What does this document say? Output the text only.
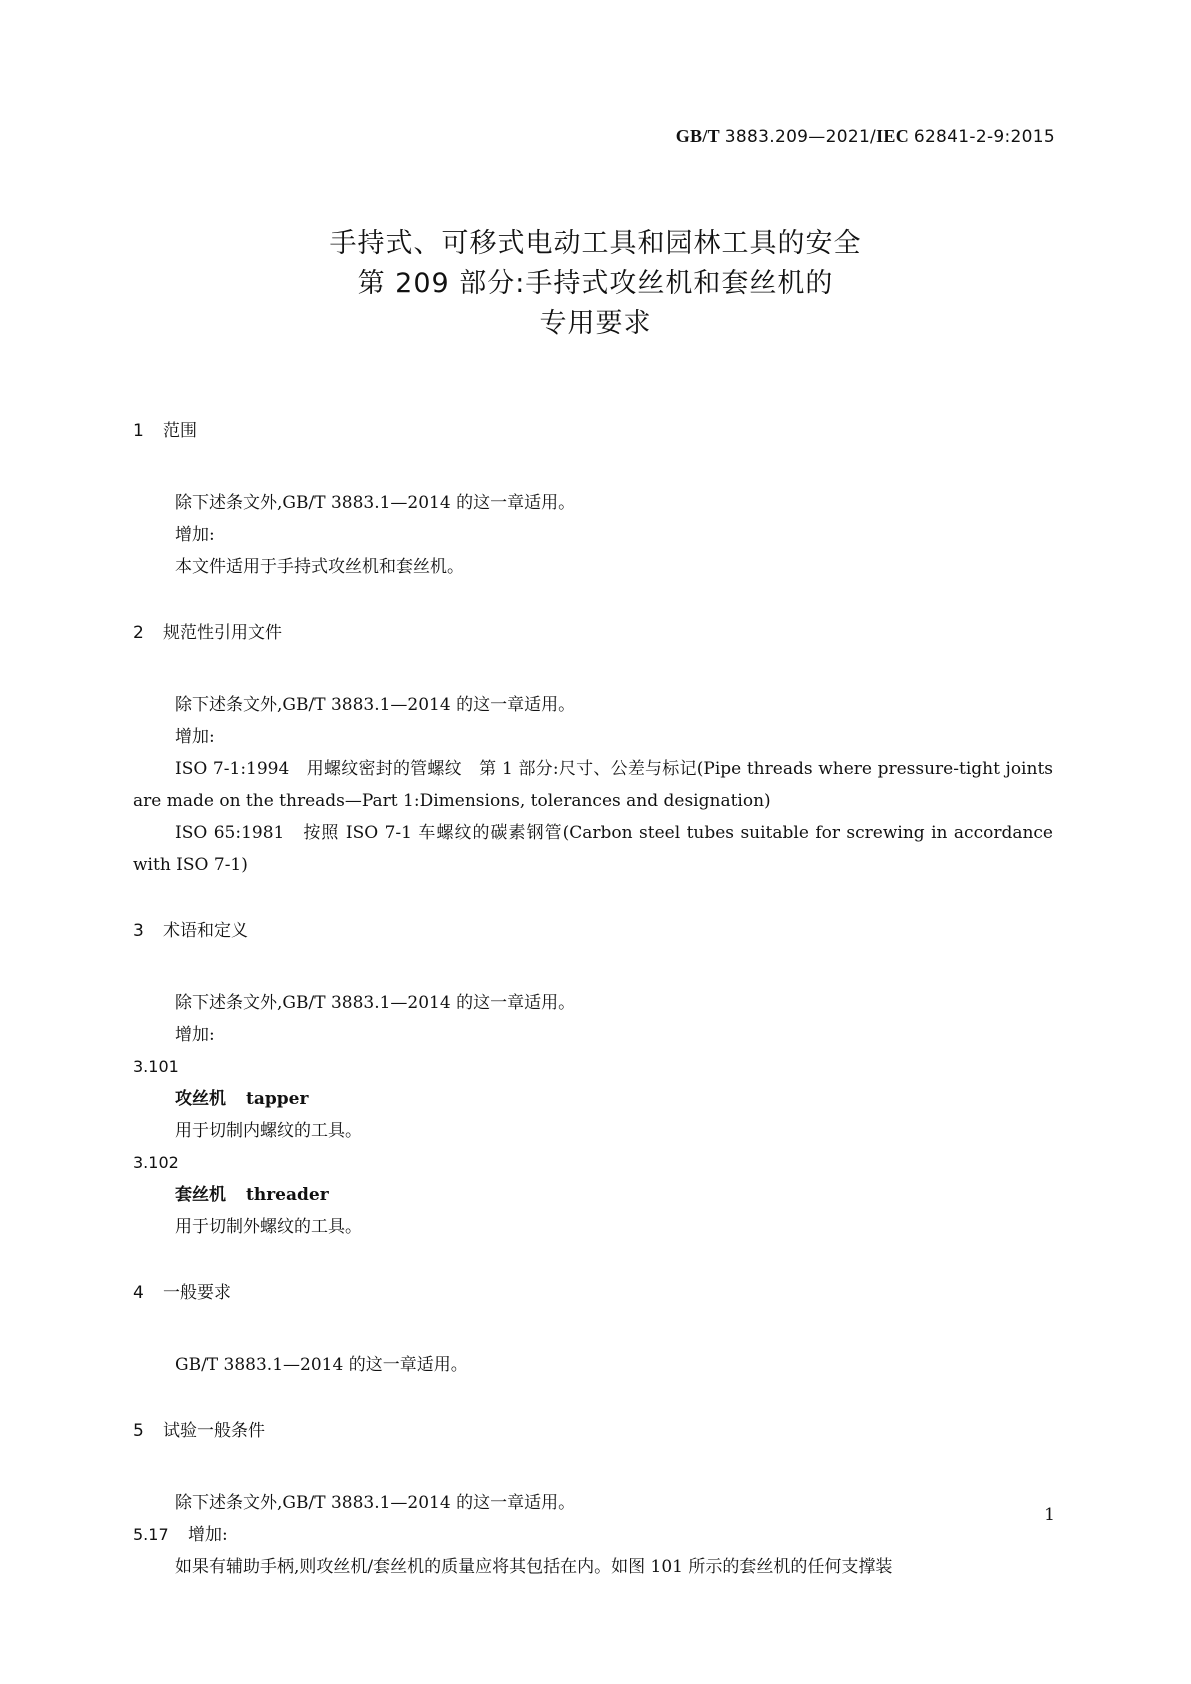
GB/T 3883.209—2021/IEC 62841-2-9:2015
手持式、可移式电动工具和园林工具的安全
第 209 部分:手持式攻丝机和套丝机的
专用要求
1 范围
除下述条文外,GB/T 3883.1—2014 的这一章适用。
增加:
本文件适用于手持式攻丝机和套丝机。
2 规范性引用文件
除下述条文外,GB/T 3883.1—2014 的这一章适用。
增加:
ISO 7-1:1994　用螺纹密封的管螺纹　第 1 部分:尺寸、公差与标记(Pipe threads where pressure-tight joints are made on the threads—Part 1:Dimensions, tolerances and designation)
ISO 65:1981　按照 ISO 7-1 车螺纹的碳素钢管(Carbon steel tubes suitable for screwing in accordance with ISO 7-1)
3 术语和定义
除下述条文外,GB/T 3883.1—2014 的这一章适用。
增加:
3.101
攻丝机 tapper
用于切制内螺纹的工具。
3.102
套丝机 threader
用于切制外螺纹的工具。
4 一般要求
GB/T 3883.1—2014 的这一章适用。
5 试验一般条件
除下述条文外,GB/T 3883.1—2014 的这一章适用。
5.17 增加:
如果有辅助手柄,则攻丝机/套丝机的质量应将其包括在内。如图 101 所示的套丝机的任何支撑装
1
